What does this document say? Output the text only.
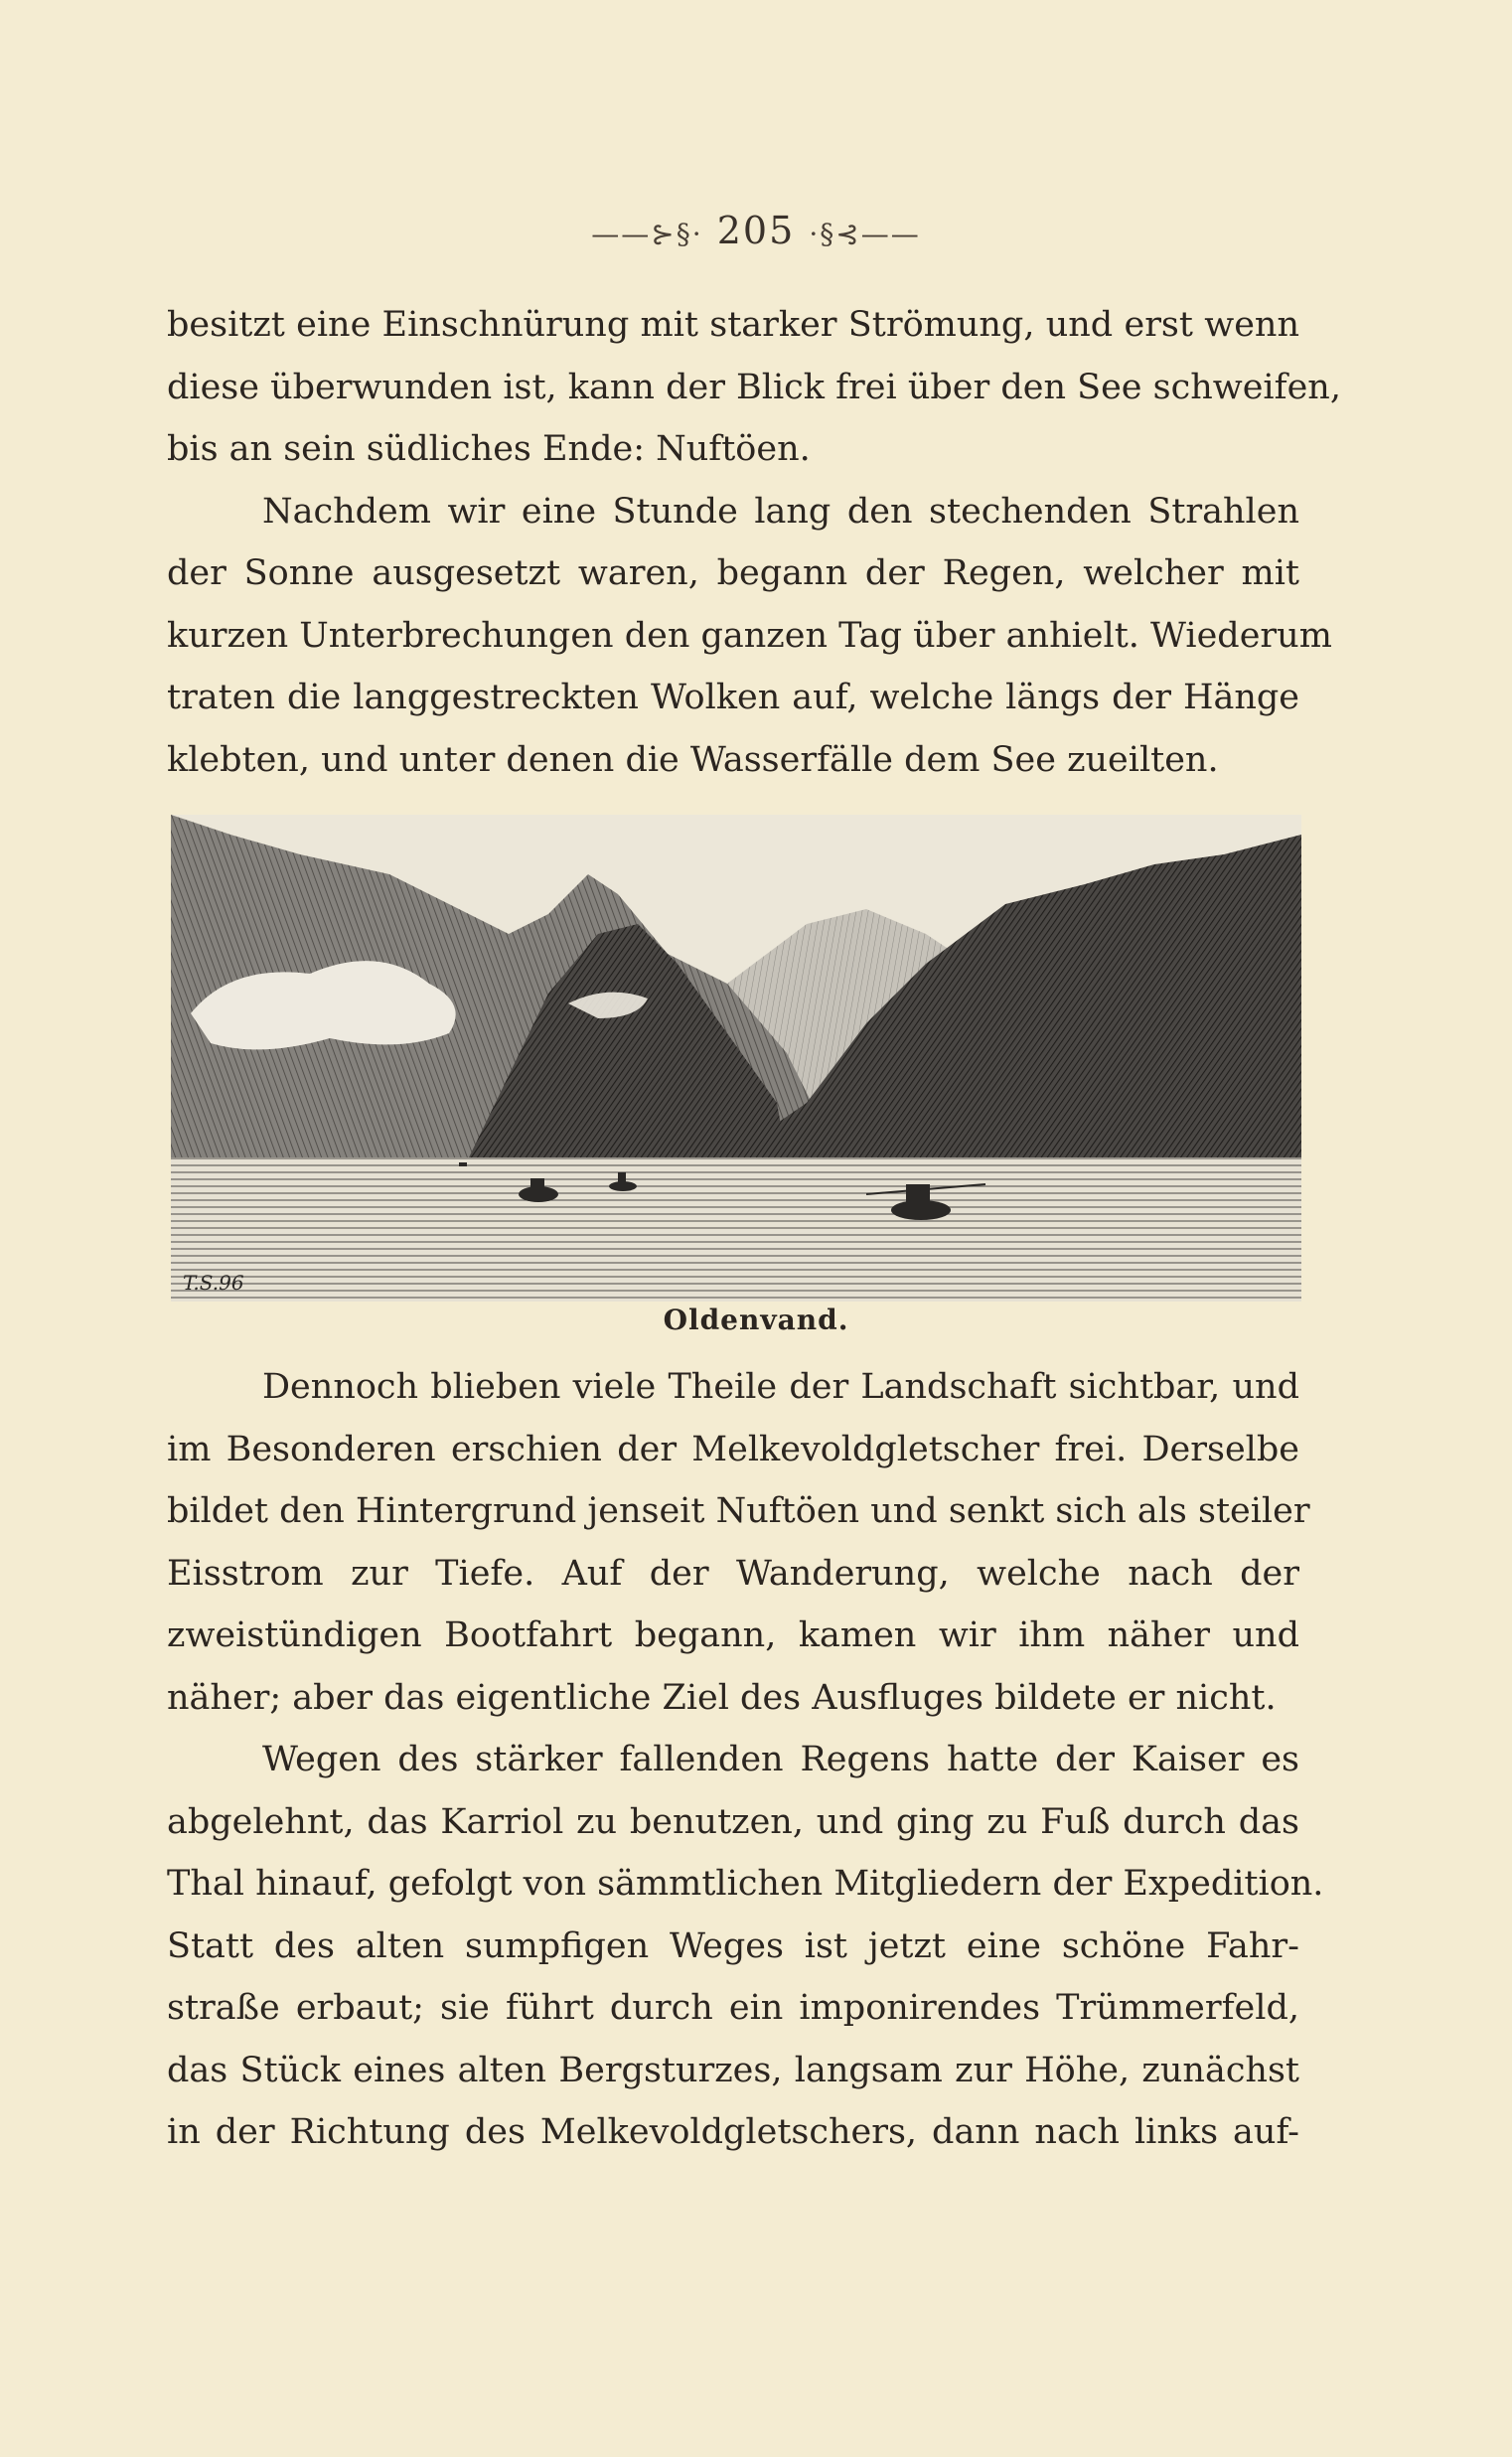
——⊱§· 205 ·§⊰——
besitzt eine Einschnürung mit starker Strömung, und erst wenn
diese überwunden ist, kann der Blick frei über den See schweifen,
bis an sein südliches Ende: Nuftöen.
Nachdem wir eine Stunde lang den stechenden Strahlen
der Sonne ausgesetzt waren, begann der Regen, welcher mit
kurzen Unterbrechungen den ganzen Tag über anhielt. Wiederum
traten die langgestreckten Wolken auf, welche längs der Hänge
klebten, und unter denen die Wasserfälle dem See zueilten.
T.S.96
Oldenvand.
Dennoch blieben viele Theile der Landschaft sichtbar, und
im Besonderen erschien der Melkevoldgletscher frei. Derselbe
bildet den Hintergrund jenseit Nuftöen und senkt sich als steiler
Eisstrom zur Tiefe. Auf der Wanderung, welche nach der
zweistündigen Bootfahrt begann, kamen wir ihm näher und
näher; aber das eigentliche Ziel des Ausfluges bildete er nicht.
Wegen des stärker fallenden Regens hatte der Kaiser es
abgelehnt, das Karriol zu benutzen, und ging zu Fuß durch das
Thal hinauf, gefolgt von sämmtlichen Mitgliedern der Expedition.
Statt des alten sumpfigen Weges ist jetzt eine schöne Fahr-
straße erbaut; sie führt durch ein imponirendes Trümmerfeld,
das Stück eines alten Bergsturzes, langsam zur Höhe, zunächst
in der Richtung des Melkevoldgletschers, dann nach links auf-
